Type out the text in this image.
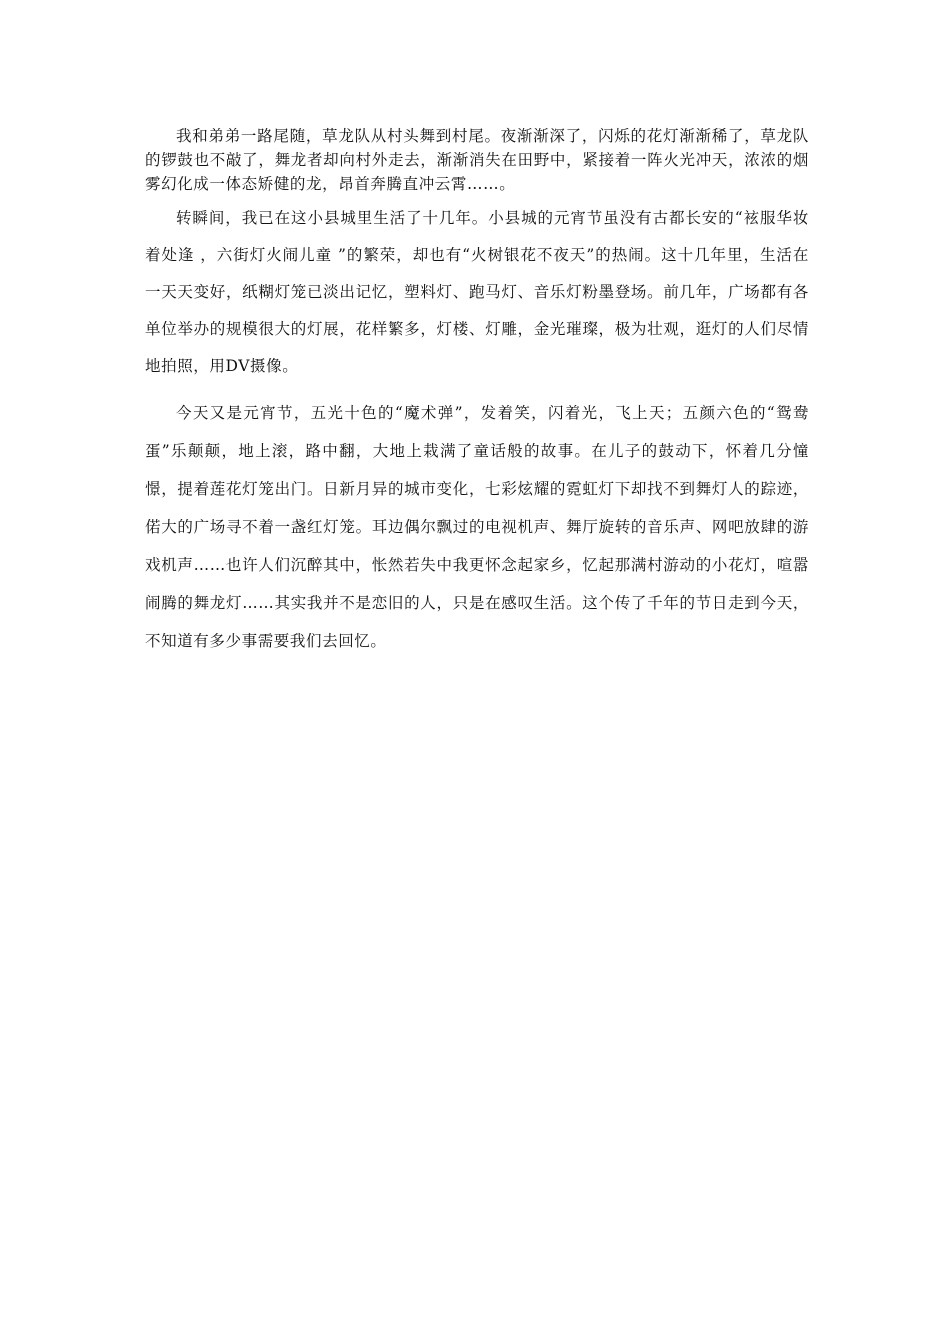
我和弟弟一路尾随，草龙队从村头舞到村尾。夜渐渐深了，闪烁的花灯渐渐稀了，草龙队的锣鼓也不敲了，舞龙者却向村外走去，渐渐消失在田野中，紧接着一阵火光冲天，浓浓的烟雾幻化成一体态矫健的龙，昂首奔腾直冲云霄……。

转瞬间，我已在这小县城里生活了十几年。小县城的元宵节虽没有古都长安的“袨服华妆着处逢 ，六街灯火闹儿童 ”的繁荣，却也有“火树银花不夜天”的热闹。这十几年里，生活在一天天变好，纸糊灯笼已淡出记忆，塑料灯、跑马灯、音乐灯粉墨登场。前几年，广场都有各单位举办的规模很大的灯展，花样繁多，灯楼、灯雕，金光璀璨，极为壮观，逛灯的人们尽情地拍照，用DV摄像。

今天又是元宵节，五光十色的“魔术弹”，发着笑，闪着光，飞上天；五颜六色的“鸳鸯蛋”乐颠颠，地上滚，路中翻，大地上栽满了童话般的故事。在儿子的鼓动下，怀着几分憧憬，提着莲花灯笼出门。日新月异的城市变化，七彩炫耀的霓虹灯下却找不到舞灯人的踪迹，偌大的广场寻不着一盏红灯笼。耳边偶尔飘过的电视机声、舞厅旋转的音乐声、网吧放肆的游戏机声……也许人们沉醉其中，怅然若失中我更怀念起家乡，忆起那满村游动的小花灯，喧嚣闹腾的舞龙灯……其实我并不是恋旧的人，只是在感叹生活。这个传了千年的节日走到今天，不知道有多少事需要我们去回忆。
